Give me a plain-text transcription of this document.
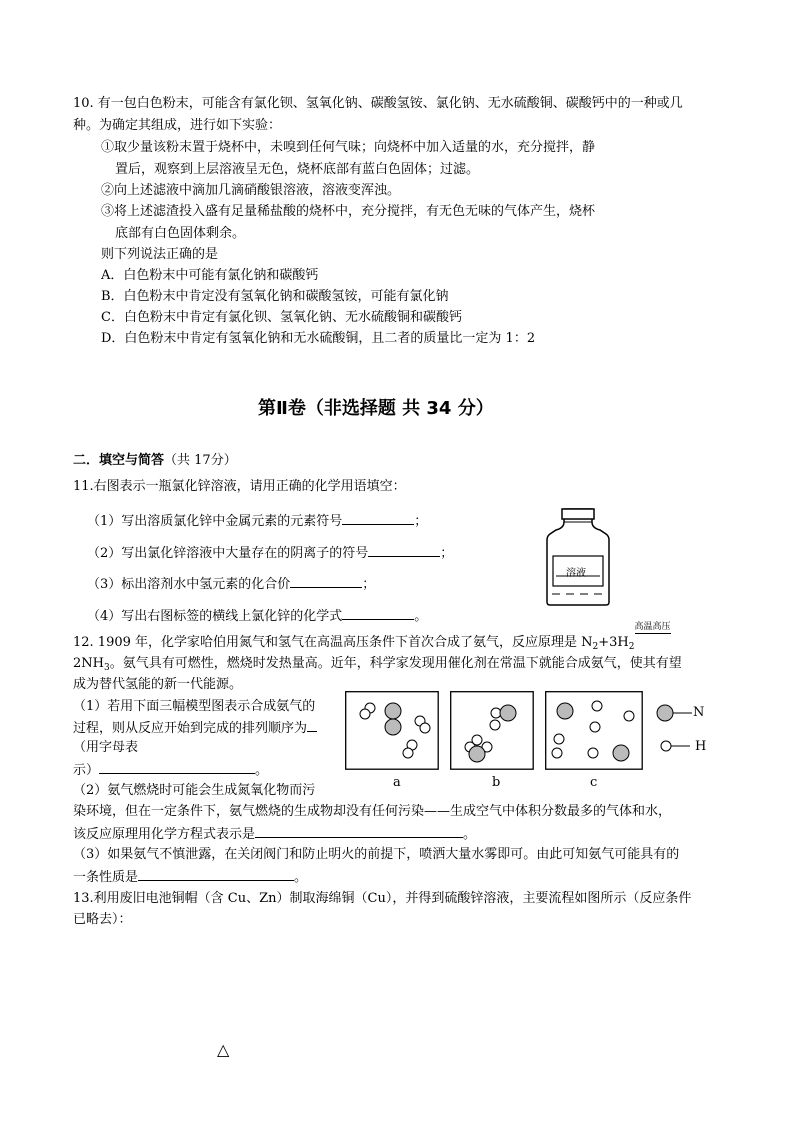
10. 有一包白色粉末，可能含有氯化钡、氢氧化钠、碳酸氢铵、氯化钠、无水硫酸铜、碳酸钙中的一种或几
种。为确定其组成，进行如下实验：
①取少量该粉末置于烧杯中，未嗅到任何气味；向烧杯中加入适量的水，充分搅拌，静
置后，观察到上层溶液呈无色，烧杯底部有蓝白色固体；过滤。
②向上述滤液中滴加几滴硝酸银溶液，溶液变浑浊。
③将上述滤渣投入盛有足量稀盐酸的烧杯中，充分搅拌，有无色无味的气体产生，烧杯
底部有白色固体剩余。
则下列说法正确的是
A．白色粉末中可能有氯化钠和碳酸钙
B．白色粉末中肯定没有氢氧化钠和碳酸氢铵，可能有氯化钠
C．白色粉末中肯定有氯化钡、氢氧化钠、无水硫酸铜和碳酸钙
D．白色粉末中肯定有氢氧化钠和无水硫酸铜，且二者的质量比一定为 1：2
第Ⅱ卷（非选择题 共 34 分）
二．填空与简答（共 17分）
11.右图表示一瓶氯化锌溶液，请用正确的化学用语填空：
（1）写出溶质氯化锌中金属元素的元素符号	；
（2）写出氯化锌溶液中大量存在的阴离子的符号	；
（3）标出溶剂水中氢元素的化合价	；
（4）写出右图标签的横线上氯化锌的化学式	。
溶液
12. 1909 年，化学家哈伯用氮气和氢气在高温高压条件下首次合成了氨气，反应原理是 $N_2+3H_2$
高温高压

$2NH_3$。氨气具有可燃性，燃烧时发热量高。近年，科学家发现用催化剂在常温下就能合成氨气，使其有望
成为替代氢能的新一代能源。
（1）若用下面三幅模型图表示合成氨气的
过程，则从反应开始到完成的排列顺序为
（用字母表
示）	。
a	b	c
N
H
（2）氨气燃烧时可能会生成氮氧化物而污
染环境，但在一定条件下，氨气燃烧的生成物却没有任何污染——生成空气中体积分数最多的气体和水，
该反应原理用化学方程式表示是	。
（3）如果氨气不慎泄露，在关闭阀门和防止明火的前提下，喷洒大量水雾即可。由此可知氨气可能具有的
一条性质是	。
13.利用废旧电池铜帽（含 Cu、Zn）制取海绵铜（Cu），并得到硫酸锌溶液，主要流程如图所示（反应条件
已略去）：
△
